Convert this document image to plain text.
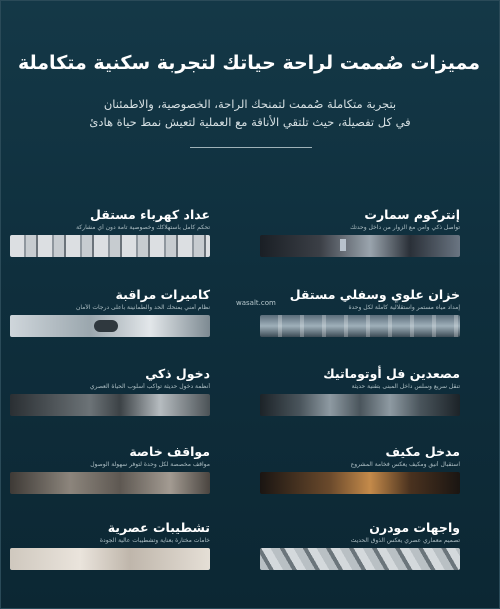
مميزات صُممت لراحة حياتك لتجربة سكنية متكاملة
بتجربة متكاملة صُممت لتمنحك الراحة، الخصوصية، والاطمئنان
في كل تفصيلة، حيث تلتقي الأناقة مع العملية لتعيش نمط حياة هادئ
wasalt.com
إنتركوم سمارت
تواصل ذكي وآمن مع الزوار من داخل وحدتك
خزان علوي وسفلي مستقل
إمداد مياه مستمر واستقلالية كاملة لكل وحدة
مصعدين فل أوتوماتيك
تنقل سريع وسلس داخل المبنى بتقنية حديثة
مدخل مكيف
استقبال أنيق ومكيف يعكس فخامة المشروع
واجهات مودرن
تصميم معماري عصري يعكس الذوق الحديث
عداد كهرباء مستقل
تحكم كامل باستهلاكك وخصوصية تامة دون أي مشاركة
كاميرات مراقبة
نظام أمني يمنحك الحد والطمأنينة بأعلى درجات الأمان
دخول ذكي
أنظمة دخول حديثة تواكب أسلوب الحياة العصري
مواقف خاصة
مواقف مخصصة لكل وحدة لتوفر سهولة الوصول
تشطيبات عصرية
خامات مختارة بعناية وتشطيبات عالية الجودة
